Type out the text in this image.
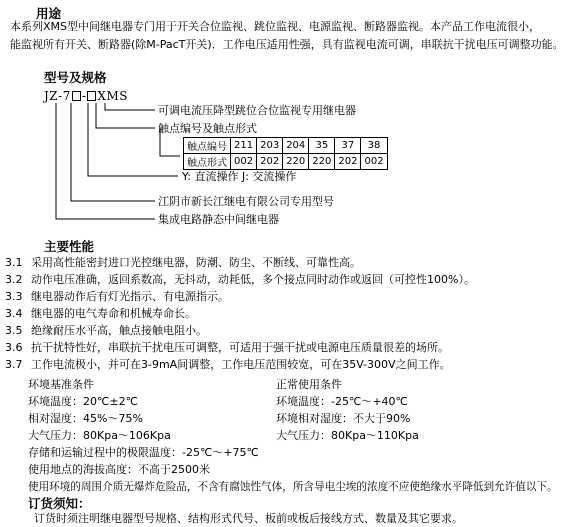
用途
本系列XMS型中间继电器专门用于开关合位监视、跳位监视、电源监视、断路器监视。本产品工作电流很小，
能监视所有开关、断路器(除M-PacT开关)．工作电压适用性强，具有监视电流可调，串联抗干扰电压可调整功能。
型号及规格
JZ-7 - XMS
可调电流压降型跳位合位监视专用继电器
触点编号及触点形式
触点编号	211	203	204	35	37	38
触点形式	002	202	220	220	202	002
Y: 直流操作 J: 交流操作
江阴市新长江继电有限公司专用型号
集成电路静态中间继电器
主要性能
3.1 采用高性能密封进口光控继电器，防潮、防尘、不断线、可靠性高。
3.2 动作电压准确，返回系数高，无抖动，动耗低，多个接点同时动作或返回（可控性100%）。
3.3 继电器动作后有灯光指示、有电源指示。
3.4 继电器的电气寿命和机械寿命长。
3.5 绝缘耐压水平高，触点接触电阻小。
3.6 抗干扰特性好，串联抗干扰电压可调整，可适用于强干扰或电源电压质量很差的场所。
3.7 工作电流极小，并可在3-9mA间调整，工作电压范围较宽，可在35V-300V之间工作。
环境基准条件
环境温度：20℃±2℃
相对湿度：45%～75%
大气压力：80Kpa～106Kpa
正常使用条件
环境温度：-25℃～+40℃
环境相对湿度：不大于90%
大气压力：80Kpa～110Kpa
存储和运输过程中的极限温度：-25℃～+75℃
使用地点的海拔高度：不高于2500米
使用环境的周围介质无爆炸危险品，不含有腐蚀性气体，所含导电尘埃的浓度不应使绝缘水平降低到允许值以下。
订货须知：
订货时须注明继电器型号规格、结构形式代号、板前或板后接线方式、数量及其它要求。
